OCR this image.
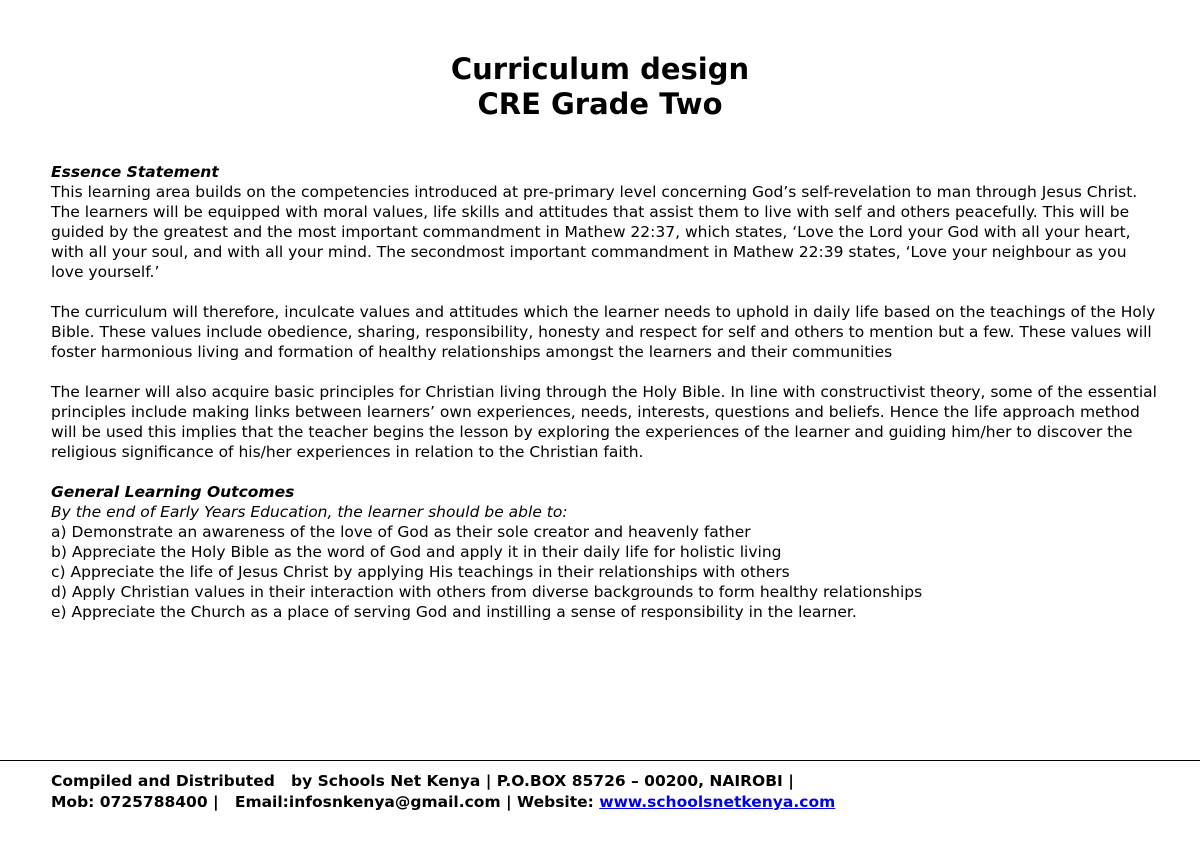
Curriculum design
CRE Grade Two
Essence Statement

This learning area builds on the competencies introduced at pre-primary level concerning God’s self-revelation to man through Jesus Christ. The learners will be equipped with moral values, life skills and attitudes that assist them to live with self and others peacefully. This will be guided by the greatest and the most important commandment in Mathew 22:37, which states, ‘Love the Lord your God with all your heart, with all your soul, and with all your mind. The secondmost important commandment in Mathew 22:39 states, ‘Love your neighbour as you love yourself.’

The curriculum will therefore, inculcate values and attitudes which the learner needs to uphold in daily life based on the teachings of the Holy Bible. These values include obedience, sharing, responsibility, honesty and respect for self and others to mention but a few. These values will foster harmonious living and formation of healthy relationships amongst the learners and their communities

The learner will also acquire basic principles for Christian living through the Holy Bible. In line with constructivist theory, some of the essential principles include making links between learners’ own experiences, needs, interests, questions and beliefs. Hence the life approach method will be used this implies that the teacher begins the lesson by exploring the experiences of the learner and guiding him/her to discover the religious significance of his/her experiences in relation to the Christian faith.

General Learning Outcomes
By the end of Early Years Education, the learner should be able to:
a) Demonstrate an awareness of the love of God as their sole creator and heavenly father
b) Appreciate the Holy Bible as the word of God and apply it in their daily life for holistic living
c) Appreciate the life of Jesus Christ by applying His teachings in their relationships with others
d) Apply Christian values in their interaction with others from diverse backgrounds to form healthy relationships
e) Appreciate the Church as a place of serving God and instilling a sense of responsibility in the learner.
Compiled and Distributed   by Schools Net Kenya | P.O.BOX 85726 – 00200, NAIROBI |
Mob: 0725788400 |   Email:infosnkenya@gmail.com | Website: www.schoolsnetkenya.com
